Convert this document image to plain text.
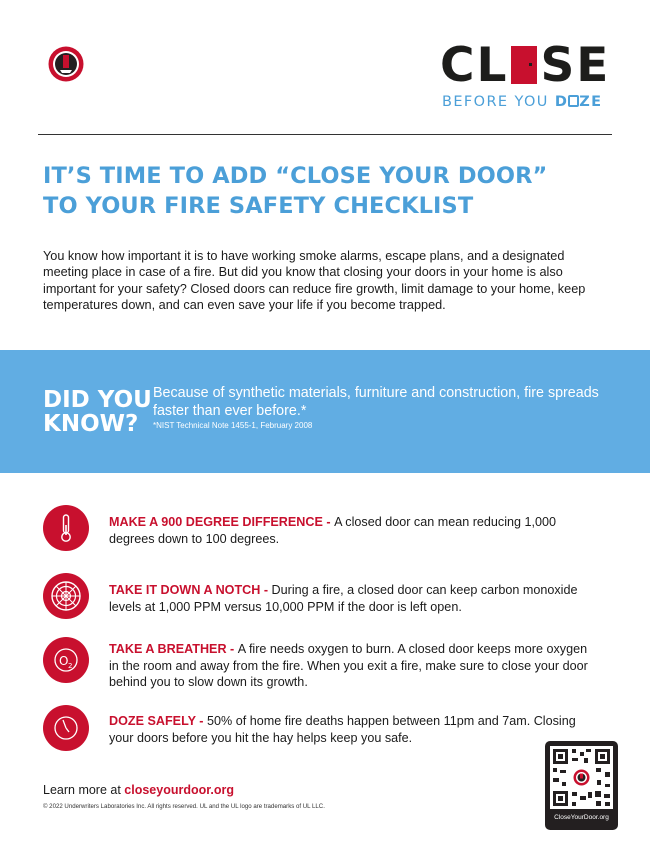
CL SE
BEFORE YOU D ZE
IT’S TIME TO ADD “CLOSE YOUR DOOR”
TO YOUR FIRE SAFETY CHECKLIST

You know how important it is to have working smoke alarms, escape plans, and a designated meeting place in case of a fire. But did you know that closing your doors in your home is also important for your safety? Closed doors can reduce fire growth, limit damage to your home, keep temperatures down, and can even save your life if you become trapped.

DID YOU
KNOW?
Because of synthetic materials, furniture and construction, fire spreads faster than ever before.*
*NIST Technical Note 1455-1, February 2008

MAKE A 900 DEGREE DIFFERENCE - A closed door can mean reducing 1,000 degrees down to 100 degrees.

TAKE IT DOWN A NOTCH - During a fire, a closed door can keep carbon monoxide levels at 1,000 PPM versus 10,000 PPM if the door is left open.

O 2

TAKE A BREATHER - A fire needs oxygen to burn. A closed door keeps more oxygen in the room and away from the fire. When you exit a fire, make sure to close your door behind you to slow down its growth.

DOZE SAFELY - 50% of home fire deaths happen between 11pm and 7am. Closing your doors before you hit the hay helps keep you safe.

Learn more at closeyourdoor.org
© 2022 Underwriters Laboratories Inc. All rights reserved. UL and the UL logo are trademarks of UL LLC.
CloseYourDoor.org
